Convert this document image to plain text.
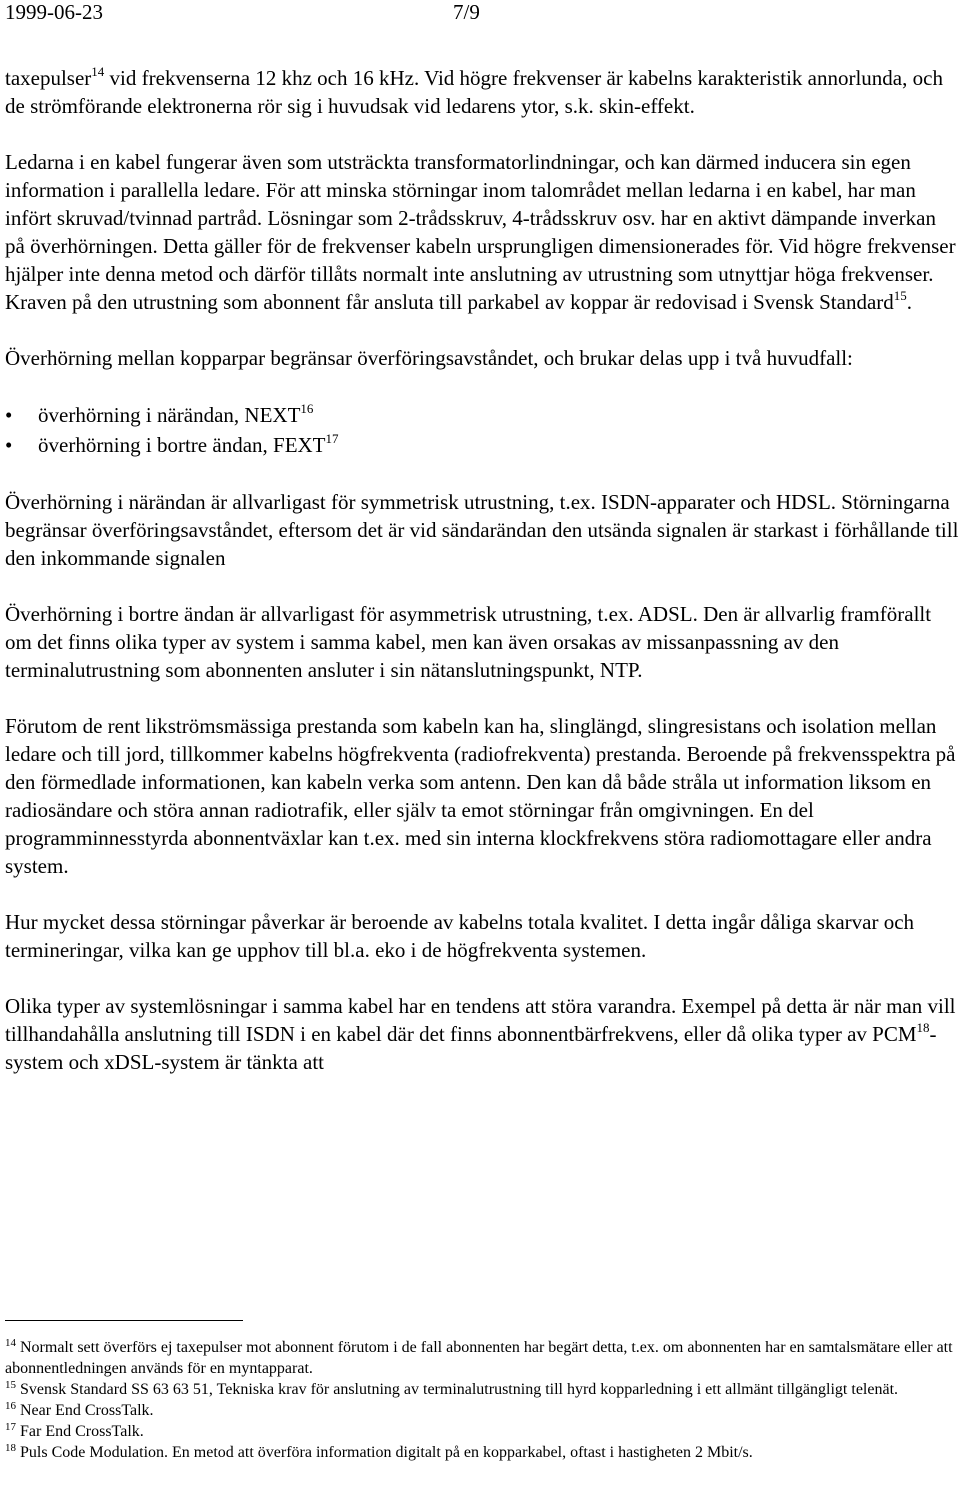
1999-06-23	7/9

taxepulser$^{14}$ vid frekvenserna 12 khz och 16 kHz. Vid högre frekvenser är kabelns karakteristik annorlunda, och de strömförande elektronerna rör sig i huvudsak vid ledarens ytor, s.k. skin-effekt.

Ledarna i en kabel fungerar även som utsträckta transformatorlindningar, och kan därmed inducera sin egen information i parallella ledare. För att minska störningar inom talområdet mellan ledarna i en kabel, har man infört skruvad/tvinnad partråd. Lösningar som 2-trådsskruv, 4-trådsskruv osv. har en aktivt dämpande inverkan på överhörningen. Detta gäller för de frekvenser kabeln ursprungligen dimensionerades för. Vid högre frekvenser hjälper inte denna metod och därför tillåts normalt inte anslutning av utrustning som utnyttjar höga frekvenser. Kraven på den utrustning som abonnent får ansluta till parkabel av koppar är redovisad i Svensk Standard$^{15}$.

Överhörning mellan kopparpar begränsar överföringsavståndet, och brukar delas upp i två huvudfall:

• överhörning i närändan, NEXT$^{16}$
• överhörning i bortre ändan, FEXT$^{17}$

Överhörning i närändan är allvarligast för symmetrisk utrustning, t.ex. ISDN-apparater och HDSL. Störningarna begränsar överföringsavståndet, eftersom det är vid sändarändan den utsända signalen är starkast i förhållande till den inkommande signalen

Överhörning i bortre ändan är allvarligast för asymmetrisk utrustning, t.ex. ADSL. Den är allvarlig framförallt om det finns olika typer av system i samma kabel, men kan även orsakas av missanpassning av den terminalutrustning som abonnenten ansluter i sin nätanslutningspunkt, NTP.

Förutom de rent likströmsmässiga prestanda som kabeln kan ha, slinglängd, slingresistans och isolation mellan ledare och till jord, tillkommer kabelns högfrekventa (radiofrekventa) prestanda. Beroende på frekvensspektra på den förmedlade informationen, kan kabeln verka som antenn. Den kan då både stråla ut information liksom en radiosändare och störa annan radiotrafik, eller själv ta emot störningar från omgivningen. En del programminnesstyrda abonnentväxlar kan t.ex. med sin interna klockfrekvens störa radiomottagare eller andra system.

Hur mycket dessa störningar påverkar är beroende av kabelns totala kvalitet. I detta ingår dåliga skarvar och termineringar, vilka kan ge upphov till bl.a. eko i de högfrekventa systemen.

Olika typer av systemlösningar i samma kabel har en tendens att störa varandra. Exempel på detta är när man vill tillhandahålla anslutning till ISDN i en kabel där det finns abonnentbärfrekvens, eller då olika typer av PCM$^{18}$-system och xDSL-system är tänkta att

$^{14}$ Normalt sett överförs ej taxepulser mot abonnent förutom i de fall abonnenten har begärt detta, t.ex. om abonnenten har en samtalsmätare eller att abonnentledningen används för en myntapparat.

$^{15}$ Svensk Standard SS 63 63 51, Tekniska krav för anslutning av terminalutrustning till hyrd kopparledning i ett allmänt tillgängligt telenät.

$^{16}$ Near End CrossTalk.

$^{17}$ Far End CrossTalk.

$^{18}$ Puls Code Modulation. En metod att överföra information digitalt på en kopparkabel, oftast i hastigheten 2 Mbit/s.
